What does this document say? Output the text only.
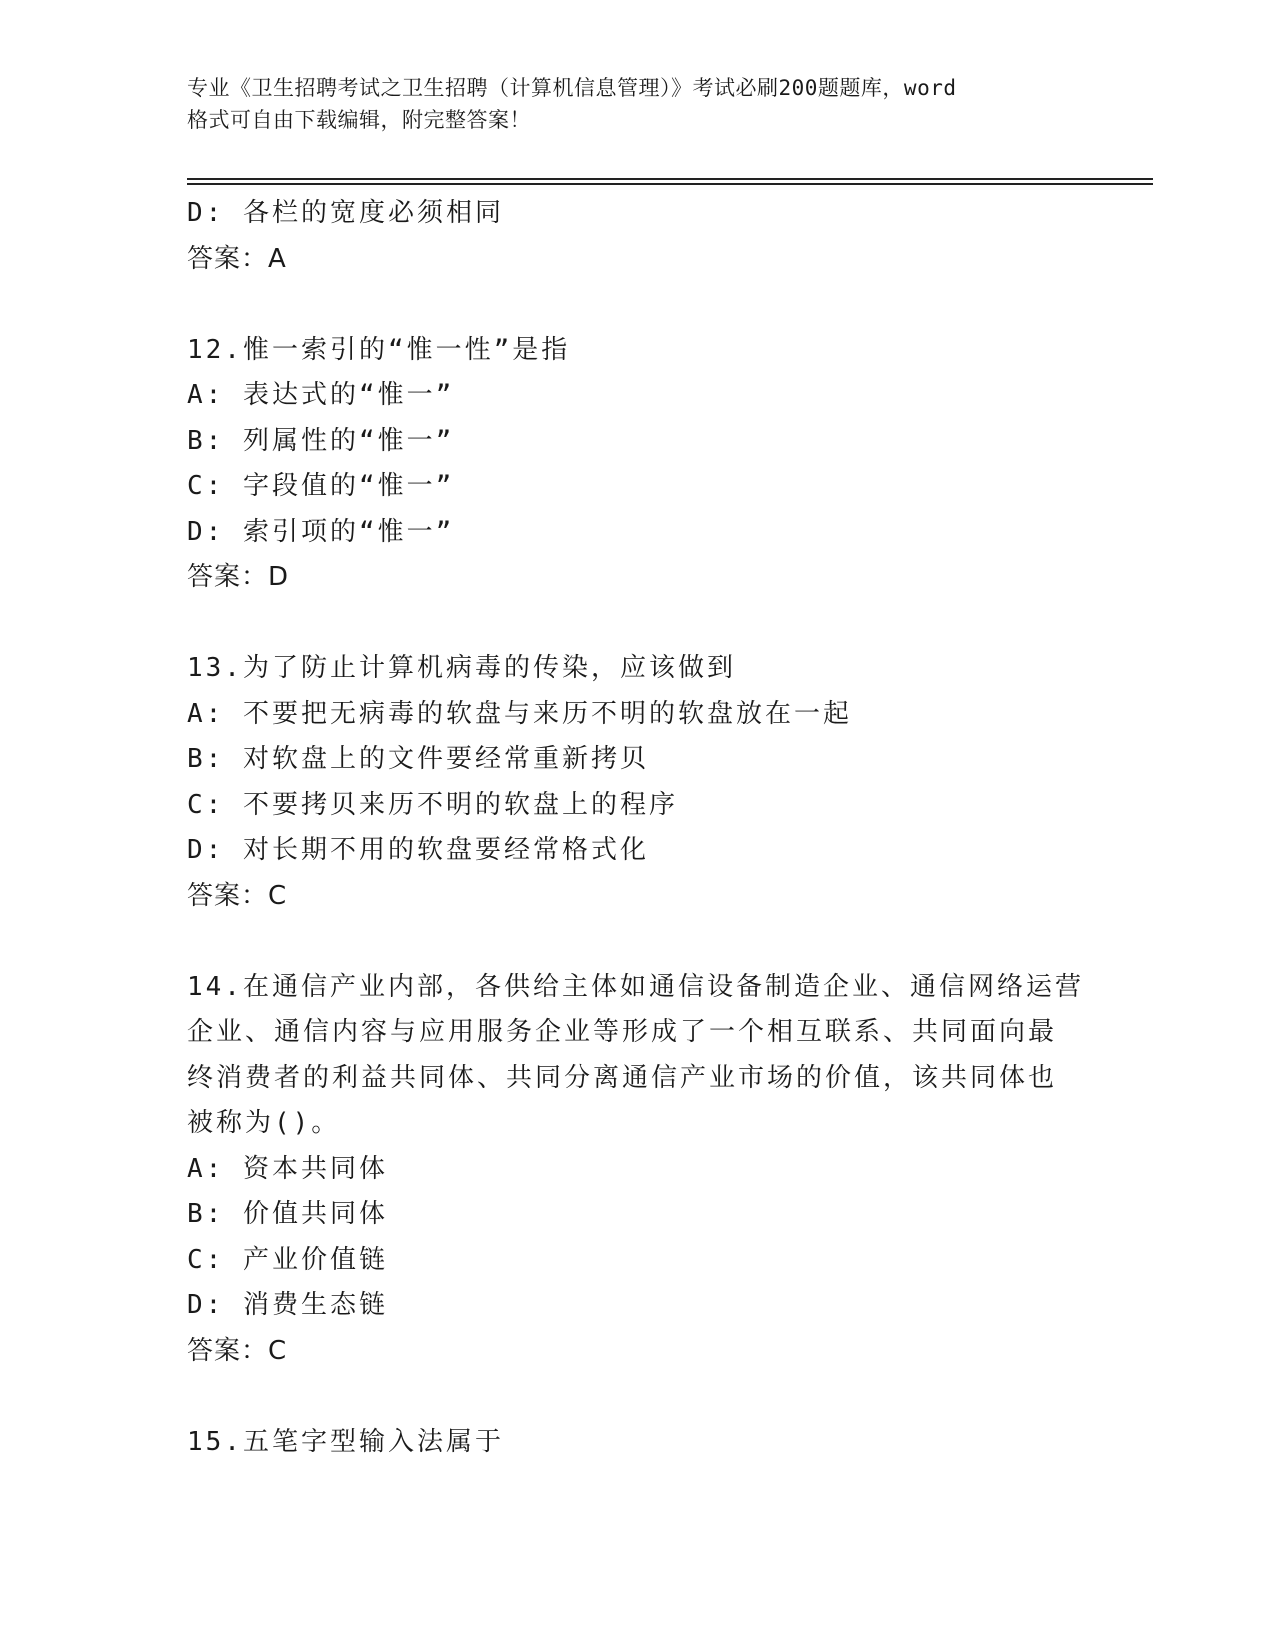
专业《卫生招聘考试之卫生招聘（计算机信息管理）》考试必刷200题题库，word
格式可自由下载编辑，附完整答案！
D: 各栏的宽度必须相同
答案：A
12.惟一索引的“惟一性”是指
A: 表达式的“惟一”
B: 列属性的“惟一”
C: 字段值的“惟一”
D: 索引项的“惟一”
答案：D
13.为了防止计算机病毒的传染，应该做到
A: 不要把无病毒的软盘与来历不明的软盘放在一起
B: 对软盘上的文件要经常重新拷贝
C: 不要拷贝来历不明的软盘上的程序
D: 对长期不用的软盘要经常格式化
答案：C
14.在通信产业内部，各供给主体如通信设备制造企业、通信网络运营
企业、通信内容与应用服务企业等形成了一个相互联系、共同面向最
终消费者的利益共同体、共同分离通信产业市场的价值，该共同体也
被称为()。
A: 资本共同体
B: 价值共同体
C: 产业价值链
D: 消费生态链
答案：C
15.五笔字型输入法属于
